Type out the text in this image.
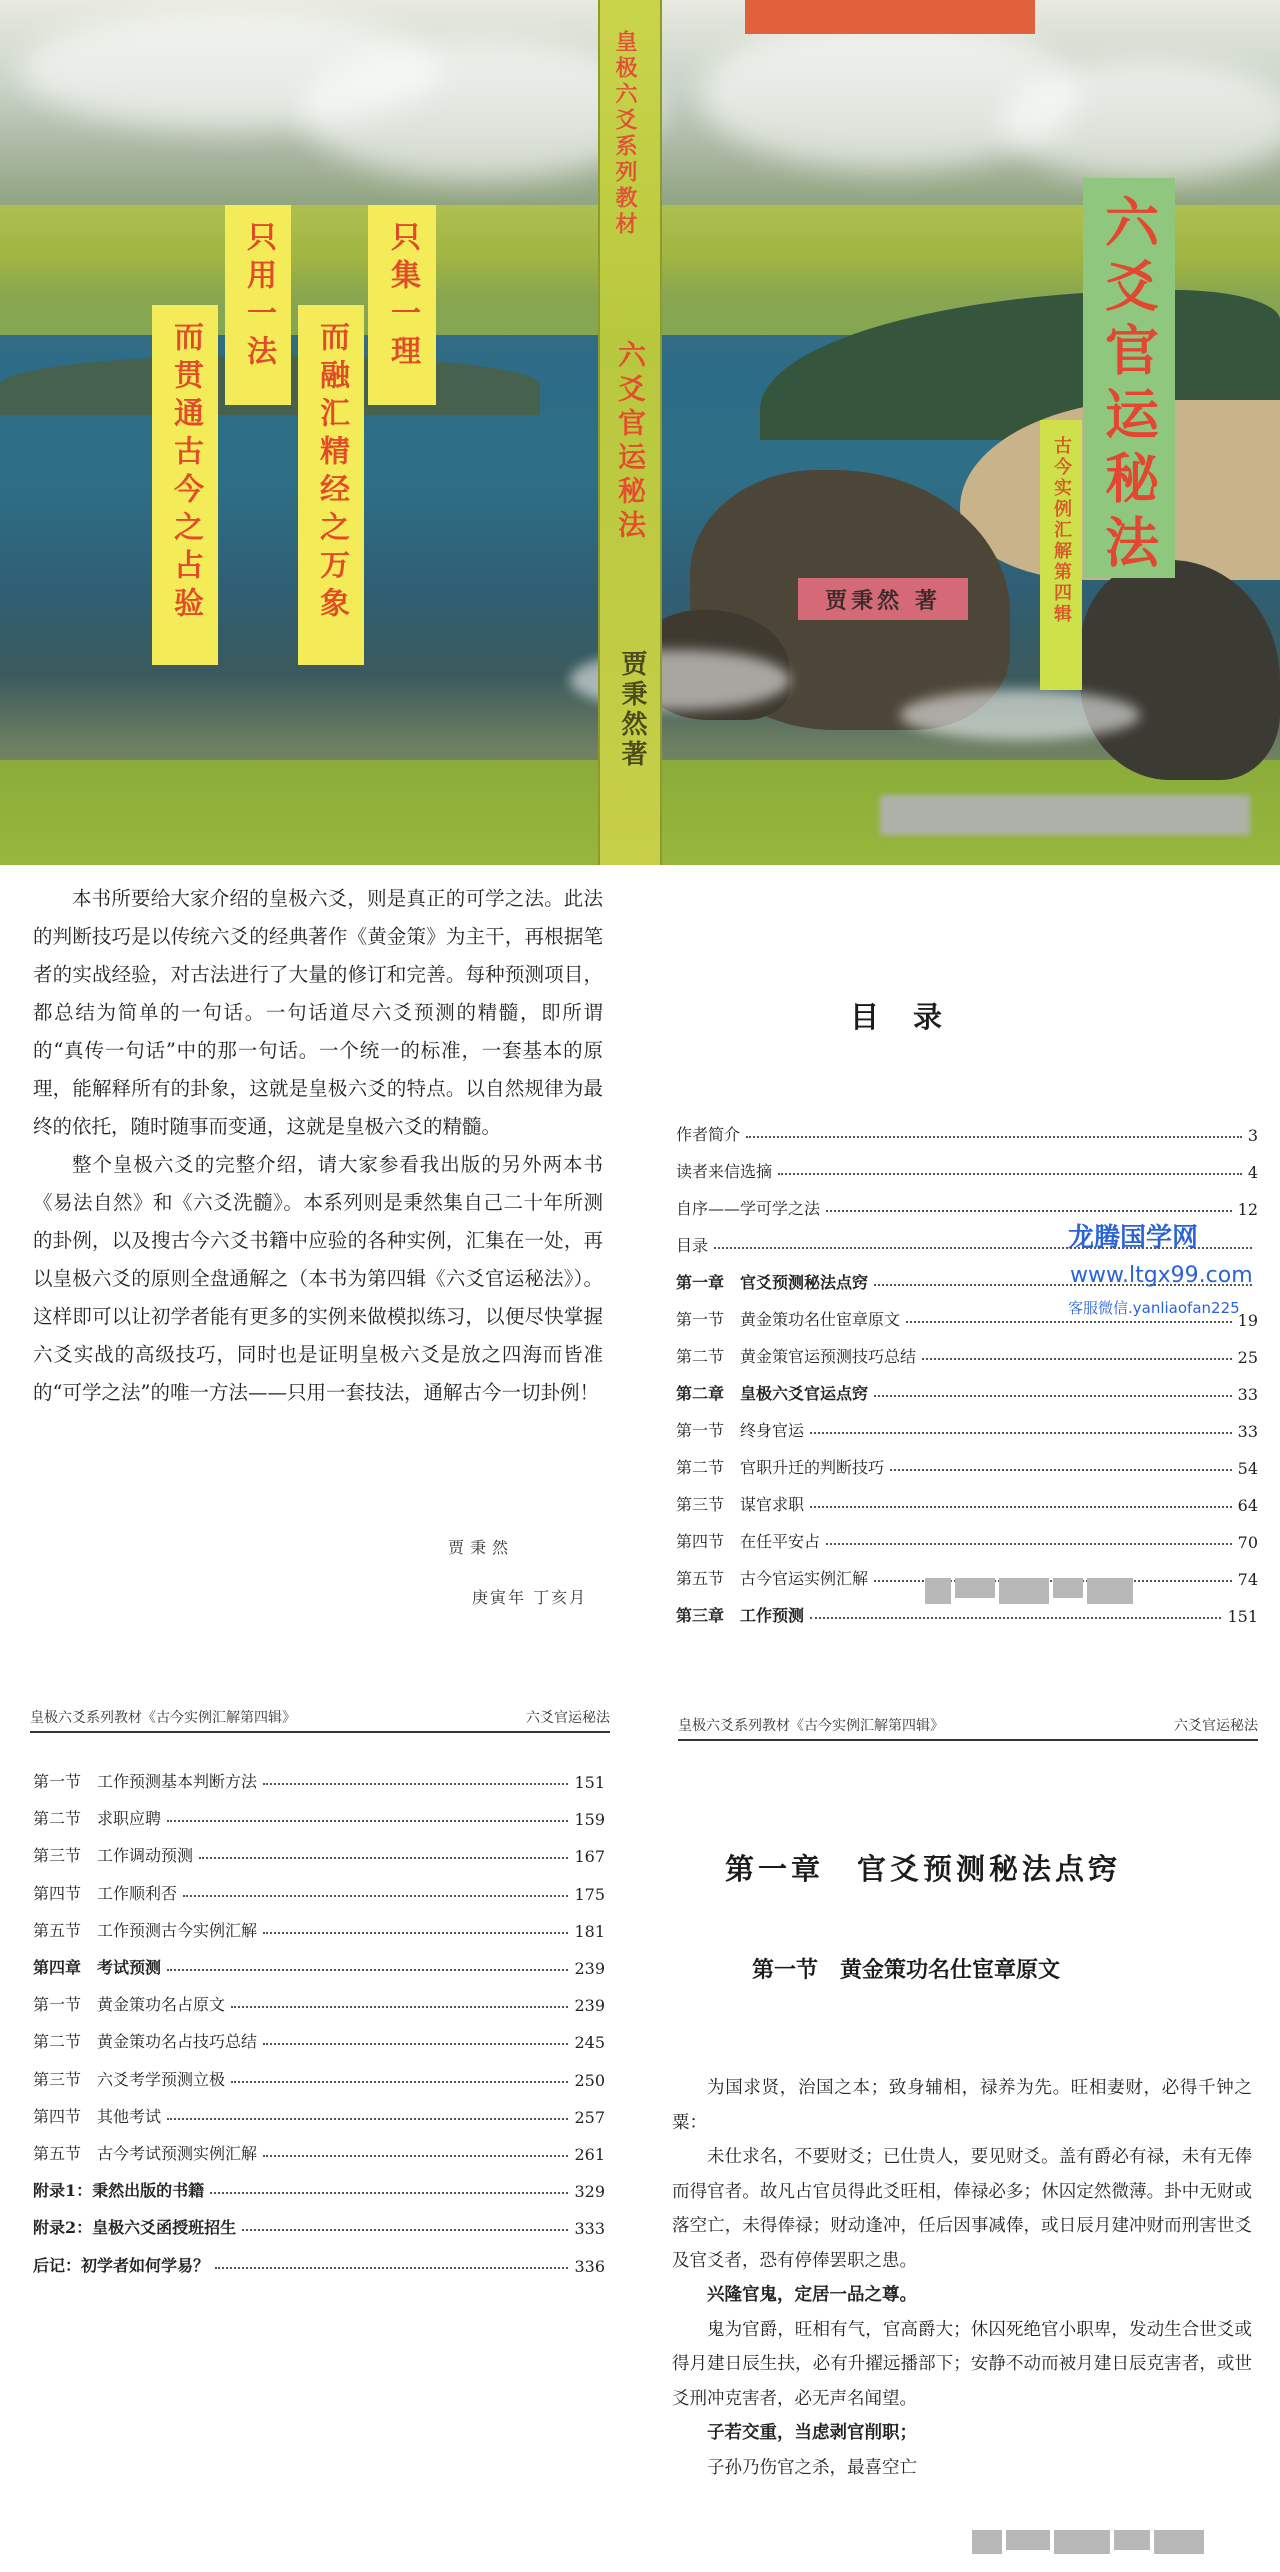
只集一理
而融汇精经之万象
只用一法
而贯通古今之占验
皇极六爻系列教材
六爻官运秘法
贾秉然著
六爻官运秘法
古今实例汇解第四辑
贾秉然 著

本书所要给大家介绍的皇极六爻，则是真正的可学之法。此法的判断技巧是以传统六爻的经典著作《黄金策》为主干，再根据笔者的实战经验，对古法进行了大量的修订和完善。每种预测项目，都总结为简单的一句话。一句话道尽六爻预测的精髓，即所谓的“真传一句话”中的那一句话。一个统一的标准，一套基本的原理，能解释所有的卦象，这就是皇极六爻的特点。以自然规律为最终的依托，随时随事而变通，这就是皇极六爻的精髓。

整个皇极六爻的完整介绍，请大家参看我出版的另外两本书《易法自然》和《六爻洗髓》。本系列则是秉然集自己二十年所测的卦例，以及搜古今六爻书籍中应验的各种实例，汇集在一处，再以皇极六爻的原则全盘通解之（本书为第四辑《六爻官运秘法》）。这样即可以让初学者能有更多的实例来做模拟练习，以便尽快掌握六爻实战的高级技巧，同时也是证明皇极六爻是放之四海而皆准的“可学之法”的唯一方法——只用一套技法，通解古今一切卦例！

贾秉然
庚寅年 丁亥月
目录
作者简介	3
读者来信选摘	4
自序——学可学之法	12
目录
第一章　官爻预测秘法点窍
第一节　黄金策功名仕宦章原文	19
第二节　黄金策官运预测技巧总结	25
第二章　皇极六爻官运点窍	33
第一节　终身官运	33
第二节　官职升迁的判断技巧	54
第三节　谋官求职	64
第四节　在任平安占	70
第五节　古今官运实例汇解	74
第三章　工作预测	151
龙腾国学网
www.ltgx99.com
客服微信.yanliaofan225
皇极六爻系列教材《古今实例汇解第四辑》	六爻官运秘法
第一节　工作预测基本判断方法	151
第二节　求职应聘	159
第三节　工作调动预测	167
第四节　工作顺利否	175
第五节　工作预测古今实例汇解	181
第四章　考试预测	239
第一节　黄金策功名占原文	239
第二节　黄金策功名占技巧总结	245
第三节　六爻考学预测立极	250
第四节　其他考试	257
第五节　古今考试预测实例汇解	261
附录1：秉然出版的书籍	329
附录2：皇极六爻函授班招生	333
后记：初学者如何学易？	336
皇极六爻系列教材《古今实例汇解第四辑》	六爻官运秘法
第一章　官爻预测秘法点窍
第一节　黄金策功名仕宦章原文

为国求贤，治国之本；致身辅相，禄养为先。旺相妻财，必得千钟之粟：

未仕求名，不要财爻；已仕贵人，要见财爻。盖有爵必有禄，未有无俸而得官者。故凡占官员得此爻旺相，俸禄必多；休囚定然微薄。卦中无财或落空亡，未得俸禄；财动逢冲，任后因事减俸，或日辰月建冲财而刑害世爻及官爻者，恐有停俸罢职之患。

兴隆官鬼，定居一品之尊。

鬼为官爵，旺相有气，官高爵大；休囚死绝官小职卑，发动生合世爻或得月建日辰生扶，必有升擢远播部下；安静不动而被月建日辰克害者，或世爻刑冲克害者，必无声名闻望。

子若交重，当虑剥官削职；

子孙乃伤官之杀，最喜空亡
